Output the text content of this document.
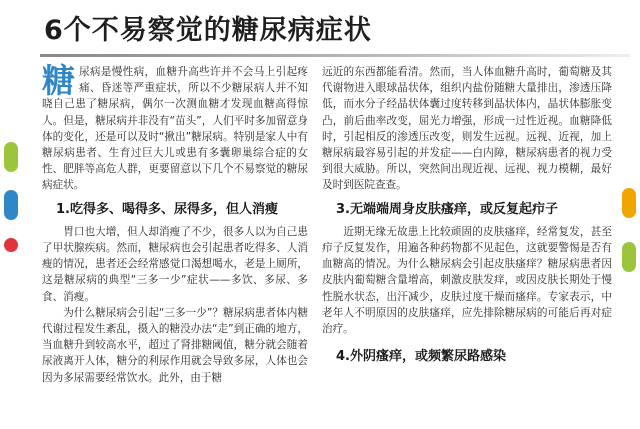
6个不易察觉的糖尿病症状
糖 尿病是慢性病，血糖升高些许并不会马上引起疼痛、昏迷等严重症状，所以不少糖尿病人并不知晓自己患了糖尿病，偶尔一次测血糖才发现血糖高得惊人。但是，糖尿病并非没有“苗头”，人们平时多加留意身体的变化，还是可以及时“揪出”糖尿病。特别是家人中有糖尿病患者、生育过巨大儿或患有多囊卵巢综合症的女性、肥胖等高危人群，更要留意以下几个不易察觉的糖尿病症状。

1.吃得多、喝得多、尿得多，但人消瘦

胃口也大增，但人却消瘦了不少，很多人以为自己患了甲状腺疾病。然而，糖尿病也会引起患者吃得多、人消瘦的情况，患者还会经常感觉口渴想喝水，老是上厕所，这是糖尿病的典型“三多一少”症状——多饮、多尿、多食、消瘦。

为什么糖尿病会引起“三多一少”？糖尿病患者体内糖代谢过程发生紊乱，摄入的糖没办法“走”到正确的地方，当血糖升到较高水平，超过了肾排糖阈值，糖分就会随着尿液离开人体，糖分的利尿作用就会导致多尿，人体也会因为多尿需要经常饮水。此外，由于糖

远近的东西都能看清。然而，当人体血糖升高时，葡萄糖及其代谢物进入眼球晶状体，组织内盐份随糖大量排出，渗透压降低，而水分子经晶状体囊过度转移到晶状体内，晶状体膨胀变凸，前后曲率改变，屈光力增强，形成一过性近视。血糖降低时，引起相反的渗透压改变，则发生远视。远视、近视，加上糖尿病最容易引起的并发症——白内障，糖尿病患者的视力受到很大威胁。所以，突然间出现近视、远视、视力模糊，最好及时到医院查查。

3.无端端周身皮肤瘙痒，或反复起疖子

近期无缘无故患上比较顽固的皮肤瘙痒，经常复发，甚至疖子反复发作，用遍各种药物都不见起色，这就要警惕是否有血糖高的情况。为什么糖尿病会引起皮肤瘙痒？糖尿病患者因皮肤内葡萄糖含量增高，刺激皮肤发痒，或因皮肤长期处于慢性脱水状态，出汗减少，皮肤过度干燥而瘙痒。专家表示，中老年人不明原因的皮肤瘙痒，应先排除糖尿病的可能后再对症治疗。

4.外阴瘙痒，或频繁尿路感染
